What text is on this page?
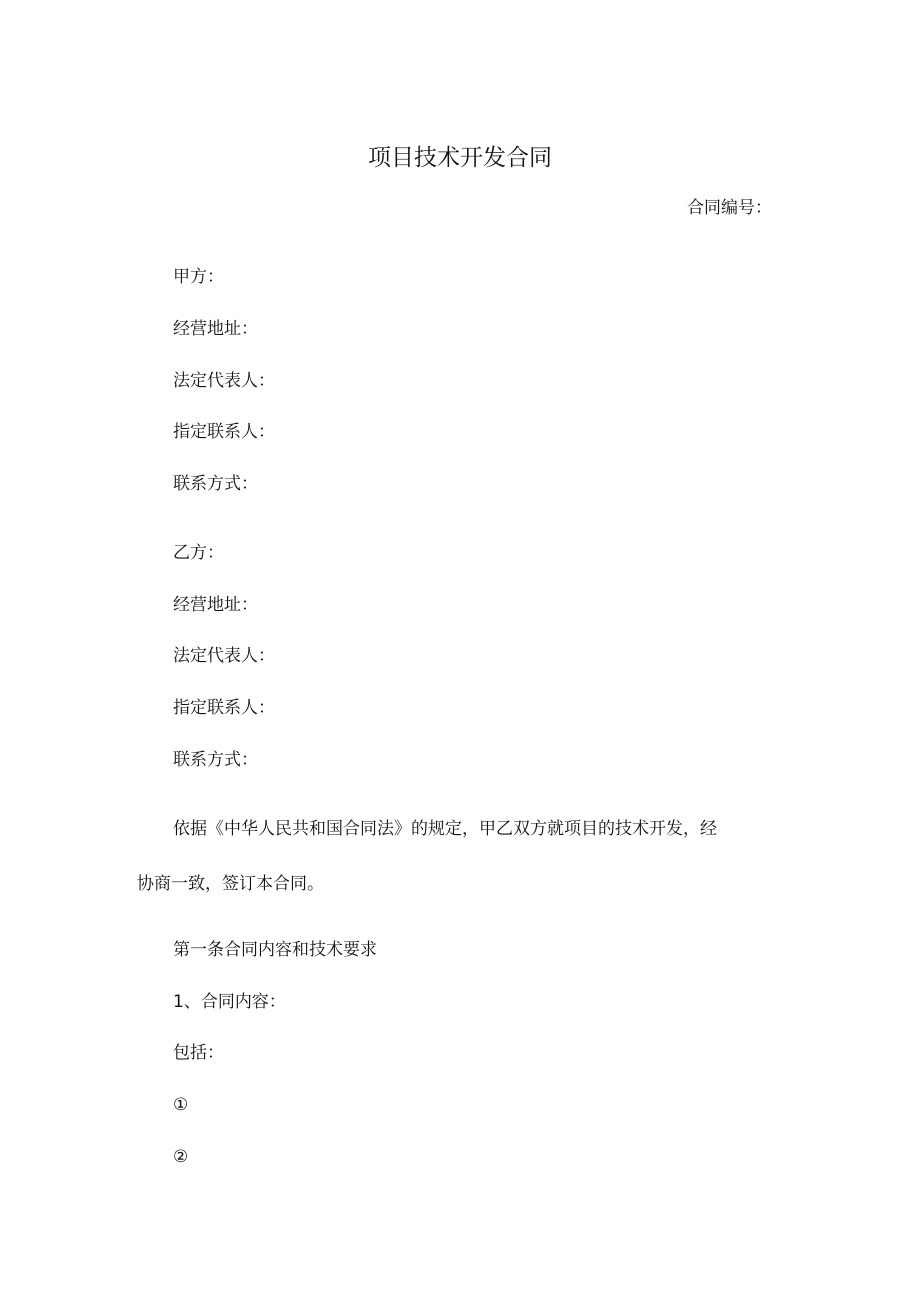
项目技术开发合同
合同编号：
甲方：
经营地址：
法定代表人：
指定联系人：
联系方式：
乙方：
经营地址：
法定代表人：
指定联系人：
联系方式：
依据《中华人民共和国合同法》的规定，甲乙双方就项目的技术开发，经
协商一致，签订本合同。
第一条合同内容和技术要求
1、合同内容：
包括：
①
②
